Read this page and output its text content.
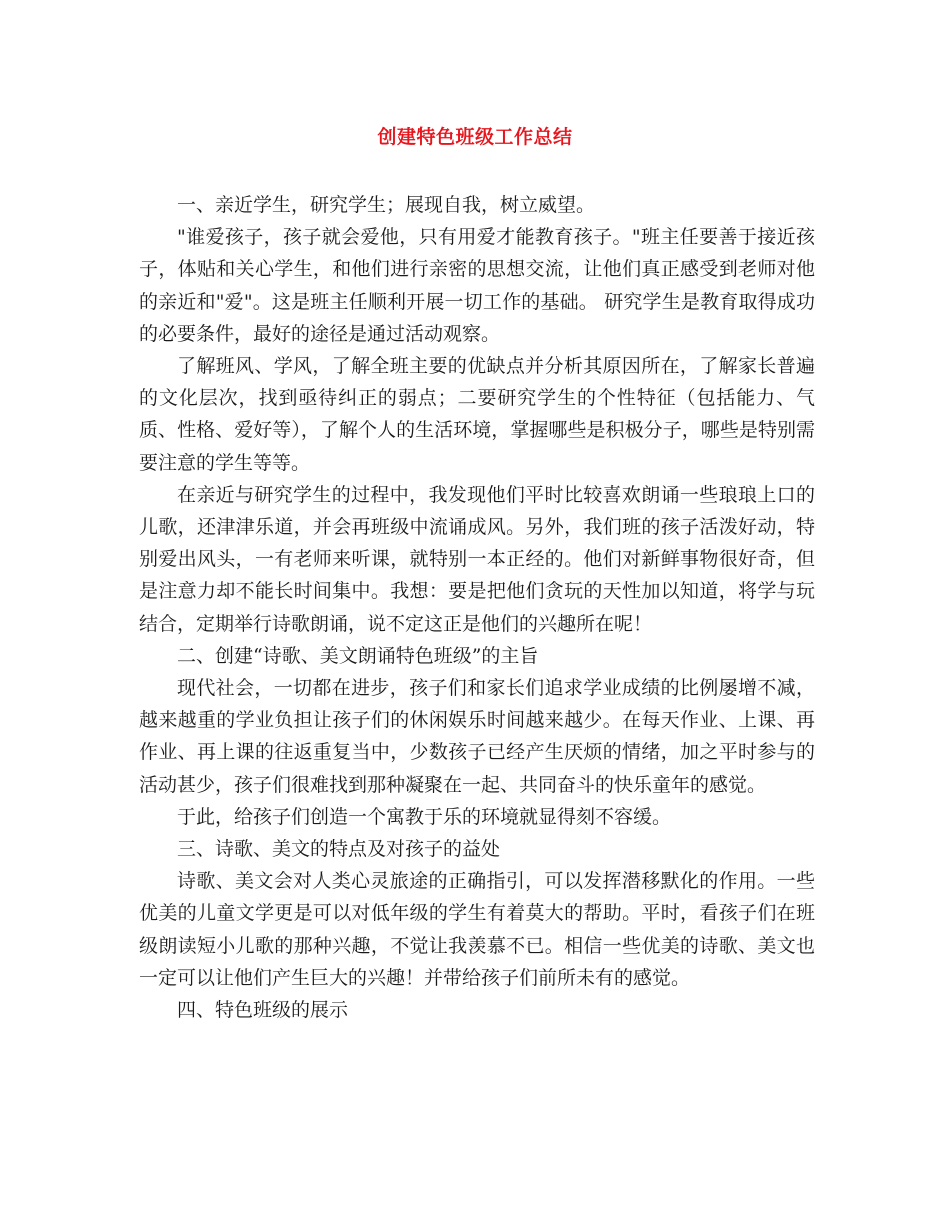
创建特色班级工作总结

一、亲近学生，研究学生；展现自我，树立威望。

"谁爱孩子，孩子就会爱他，只有用爱才能教育孩子。"班主任要善于接近孩子，体贴和关心学生，和他们进行亲密的思想交流，让他们真正感受到老师对他的亲近和"爱"。这是班主任顺利开展一切工作的基础。 研究学生是教育取得成功的必要条件，最好的途径是通过活动观察。

了解班风、学风，了解全班主要的优缺点并分析其原因所在，了解家长普遍的文化层次，找到亟待纠正的弱点；二要研究学生的个性特征（包括能力、气质、性格、爱好等），了解个人的生活环境，掌握哪些是积极分子，哪些是特别需要注意的学生等等。

在亲近与研究学生的过程中，我发现他们平时比较喜欢朗诵一些琅琅上口的儿歌，还津津乐道，并会再班级中流诵成风。另外，我们班的孩子活泼好动，特别爱出风头，一有老师来听课，就特别一本正经的。他们对新鲜事物很好奇，但是注意力却不能长时间集中。我想：要是把他们贪玩的天性加以知道，将学与玩结合，定期举行诗歌朗诵，说不定这正是他们的兴趣所在呢！

二、创建“诗歌、美文朗诵特色班级”的主旨

现代社会，一切都在进步，孩子们和家长们追求学业成绩的比例屡增不减，越来越重的学业负担让孩子们的休闲娱乐时间越来越少。在每天作业、上课、再作业、再上课的往返重复当中，少数孩子已经产生厌烦的情绪，加之平时参与的活动甚少，孩子们很难找到那种凝聚在一起、共同奋斗的快乐童年的感觉。

于此，给孩子们创造一个寓教于乐的环境就显得刻不容缓。

三、诗歌、美文的特点及对孩子的益处

诗歌、美文会对人类心灵旅途的正确指引，可以发挥潜移默化的作用。一些优美的儿童文学更是可以对低年级的学生有着莫大的帮助。平时，看孩子们在班级朗读短小儿歌的那种兴趣，不觉让我羡慕不已。相信一些优美的诗歌、美文也一定可以让他们产生巨大的兴趣！并带给孩子们前所未有的感觉。

四、特色班级的展示
